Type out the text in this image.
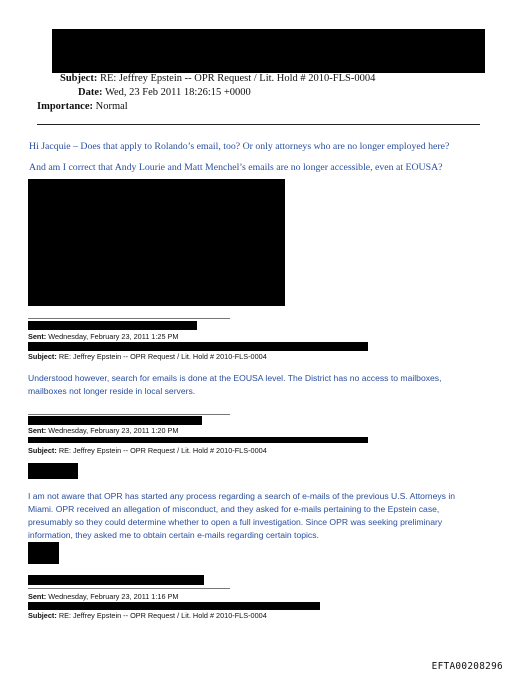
Subject: RE: Jeffrey Epstein -- OPR Request / Lit. Hold # 2010-FLS-0004
Date: Wed, 23 Feb 2011 18:26:15 +0000
Importance: Normal
Hi Jacquie – Does that apply to Rolando’s email, too? Or only attorneys who are no longer employed here?
And am I correct that Andy Lourie and Matt Menchel’s emails are no longer accessible, even at EOUSA?
Sent: Wednesday, February 23, 2011 1:25 PM
Subject: RE: Jeffrey Epstein -- OPR Request / Lit. Hold # 2010-FLS-0004
Understood however, search for emails is done at the EOUSA level. The District has no access to mailboxes,
mailboxes not longer reside in local servers.
Sent: Wednesday, February 23, 2011 1:20 PM
Subject: RE: Jeffrey Epstein -- OPR Request / Lit. Hold # 2010-FLS-0004
I am not aware that OPR has started any process regarding a search of e-mails of the previous U.S. Attorneys in
Miami. OPR received an allegation of misconduct, and they asked for e-mails pertaining to the Epstein case,
presumably so they could determine whether to open a full investigation. Since OPR was seeking preliminary
information, they asked me to obtain certain e-mails regarding certain topics.
Sent: Wednesday, February 23, 2011 1:16 PM
Subject: RE: Jeffrey Epstein -- OPR Request / Lit. Hold # 2010-FLS-0004
EFTA00208296
